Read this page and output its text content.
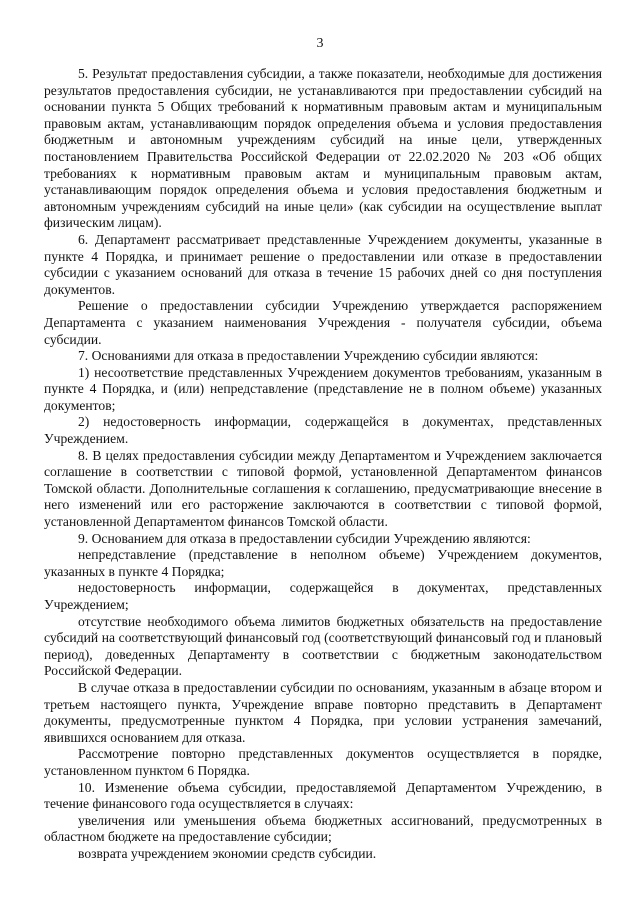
3

5. Результат предоставления субсидии, а также показатели, необходимые для достижения результатов предоставления субсидии, не устанавливаются при предоставлении субсидий на основании пункта 5 Общих требований к нормативным правовым актам и муниципальным правовым актам, устанавливающим порядок определения объема и условия предоставления бюджетным и автономным учреждениям субсидий на иные цели, утвержденных постановлением Правительства Российской Федерации от 22.02.2020 № 203 «Об общих требованиях к нормативным правовым актам и муниципальным правовым актам, устанавливающим порядок определения объема и условия предоставления бюджетным и автономным учреждениям субсидий на иные цели» (как субсидии на осуществление выплат физическим лицам).

6. Департамент рассматривает представленные Учреждением документы, указанные в пункте 4 Порядка, и принимает решение о предоставлении или отказе в предоставлении субсидии с указанием оснований для отказа в течение 15 рабочих дней со дня поступления документов.

Решение о предоставлении субсидии Учреждению утверждается распоряжением Департамента с указанием наименования Учреждения - получателя субсидии, объема субсидии.

7. Основаниями для отказа в предоставлении Учреждению субсидии являются:

1) несоответствие представленных Учреждением документов требованиям, указанным в пункте 4 Порядка, и (или) непредставление (представление не в полном объеме) указанных документов;

2) недостоверность информации, содержащейся в документах, представленных Учреждением.

8. В целях предоставления субсидии между Департаментом и Учреждением заключается соглашение в соответствии с типовой формой, установленной Департаментом финансов Томской области. Дополнительные соглашения к соглашению, предусматривающие внесение в него изменений или его расторжение заключаются в соответствии с типовой формой, установленной Департаментом финансов Томской области.

9. Основанием для отказа в предоставлении субсидии Учреждению являются:

непредставление (представление в неполном объеме) Учреждением документов, указанных в пункте 4 Порядка;

недостоверность информации, содержащейся в документах, представленных Учреждением;

отсутствие необходимого объема лимитов бюджетных обязательств на предоставление субсидий на соответствующий финансовый год (соответствующий финансовый год и плановый период), доведенных Департаменту в соответствии с бюджетным законодательством Российской Федерации.

В случае отказа в предоставлении субсидии по основаниям, указанным в абзаце втором и третьем настоящего пункта, Учреждение вправе повторно представить в Департамент документы, предусмотренные пунктом 4 Порядка, при условии устранения замечаний, явившихся основанием для отказа.

Рассмотрение повторно представленных документов осуществляется в порядке, установленном пунктом 6 Порядка.

10. Изменение объема субсидии, предоставляемой Департаментом Учреждению, в течение финансового года осуществляется в случаях:

увеличения или уменьшения объема бюджетных ассигнований, предусмотренных в областном бюджете на предоставление субсидии;

возврата учреждением экономии средств субсидии.
